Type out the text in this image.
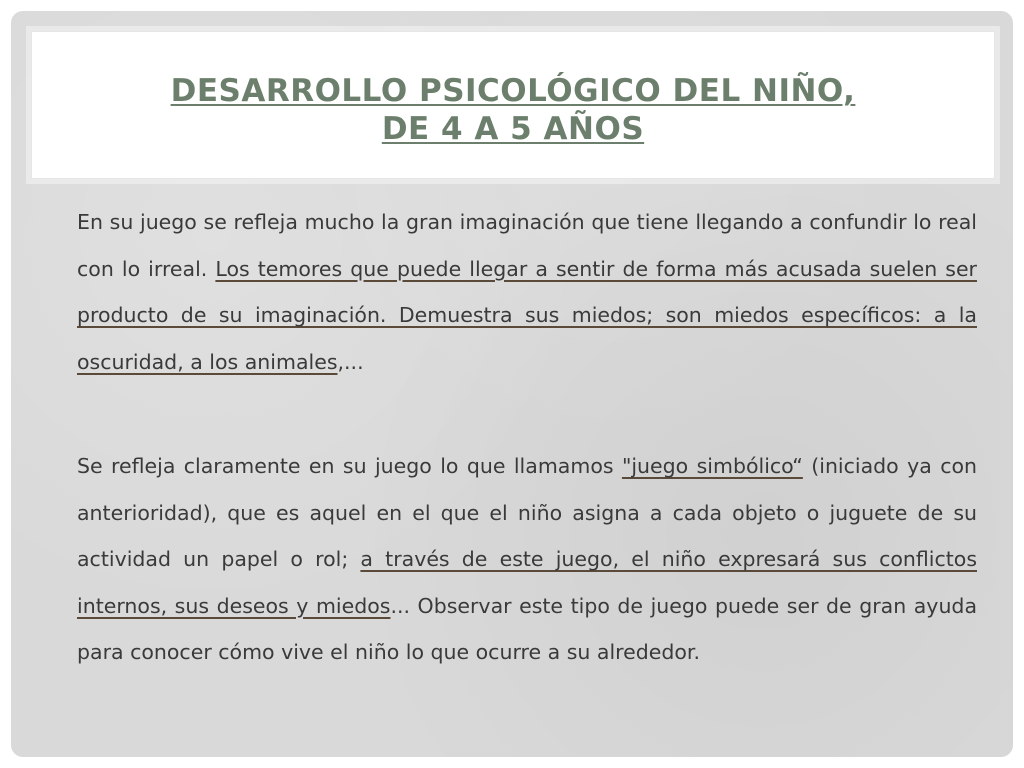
DESARROLLO PSICOLÓGICO DEL NIÑO,
DE 4 A 5 AÑOS

En su juego se refleja mucho la gran imaginación que tiene llegando a confundir lo real con lo irreal. Los temores que puede llegar a sentir de forma más acusada suelen ser producto de su imaginación. Demuestra sus miedos; son miedos específicos: a la oscuridad, a los animales,...

Se refleja claramente en su juego lo que llamamos "juego simbólico“ (iniciado ya con anterioridad), que es aquel en el que el niño asigna a cada objeto o juguete de su actividad un papel o rol; a través de este juego, el niño expresará sus conflictos internos, sus deseos y miedos... Observar este tipo de juego puede ser de gran ayuda para conocer cómo vive el niño lo que ocurre a su alrededor.
